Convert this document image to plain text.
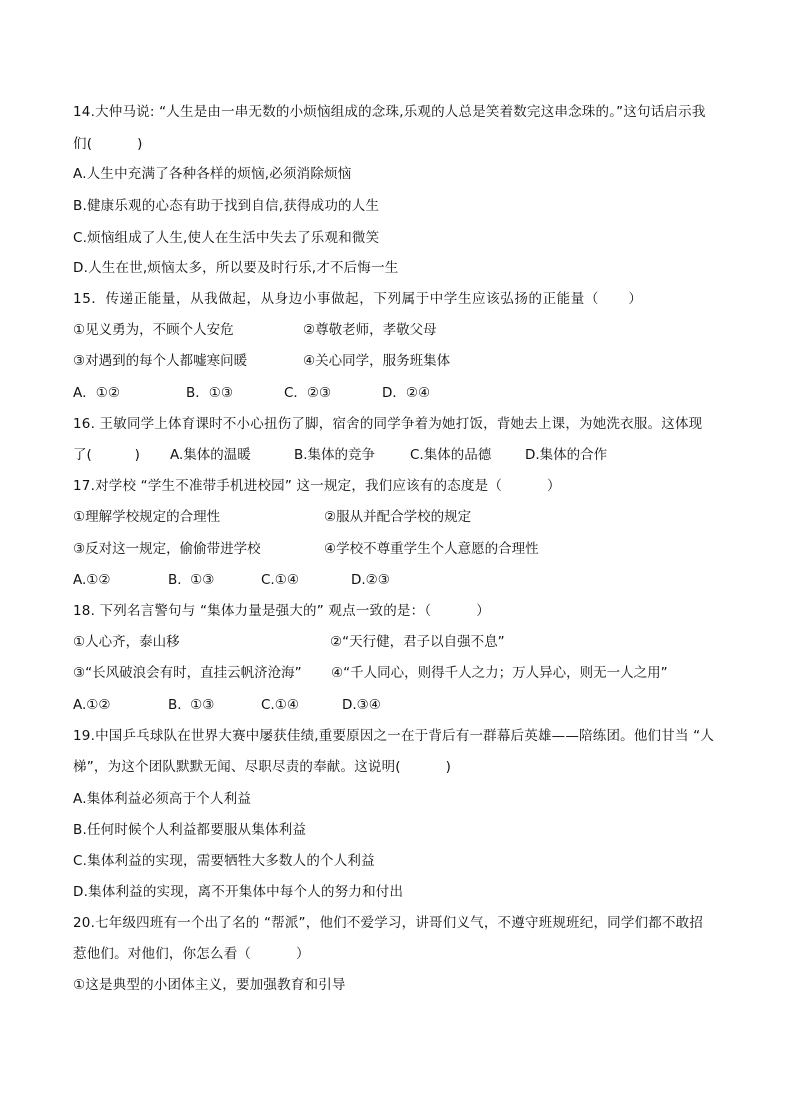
14.大仲马说: “人生是由一串无数的小烦恼组成的念珠,乐观的人总是笑着数完这串念珠的。”这句话启示我
们(          )
A.人生中充满了各种各样的烦恼,必须消除烦恼
B.健康乐观的心态有助于找到自信,获得成功的人生
C.烦恼组成了人生,使人在生活中失去了乐观和微笑
D.人生在世,烦恼太多，所以要及时行乐,才不后悔一生
15．传递正能量，从我做起，从身边小事做起，下列属于中学生应该弘扬的正能量（      ）
①见义勇为，不顾个人安危	②尊敬老师，孝敬父母
③对遇到的每个人都嘘寒问暖	④关心同学，服务班集体
A．①②	B．①③	C．②③	D．②④
16. 王敏同学上体育课时不小心扭伤了脚，宿舍的同学争着为她打饭，背她去上课，为她洗衣服。这体现
了(          ) A.集体的温暖	B.集体的竞争	C.集体的品德	D.集体的合作
17.对学校 “学生不准带手机进校园” 这一规定，我们应该有的态度是（          ）
①理解学校规定的合理性	②服从并配合学校的规定
③反对这一规定，偷偷带进学校	④学校不尊重学生个人意愿的合理性
A.①②	B.  ①③	C.①④	D.②③
18. 下列名言警句与 “集体力量是强大的” 观点一致的是：（          ）
①人心齐，泰山移	②“天行健，君子以自强不息”
③“长风破浪会有时，直挂云帆济沧海” ④“千人同心，则得千人之力；万人异心，则无一人之用”
A.①②	B.  ①③	C.①④	D.③④
19.中国乒乓球队在世界大赛中屡获佳绩,重要原因之一在于背后有一群幕后英雄——陪练团。他们甘当 “人
梯”，为这个团队默默无闻、尽职尽责的奉献。这说明(          )
A.集体利益必须高于个人利益
B.任何时候个人利益都要服从集体利益
C.集体利益的实现，需要牺牲大多数人的个人利益
D.集体利益的实现，离不开集体中每个人的努力和付出
20.七年级四班有一个出了名的 “帮派”，他们不爱学习，讲哥们义气，不遵守班规班纪，同学们都不敢招
惹他们。对他们，你怎么看（          ）
①这是典型的小团体主义，要加强教育和引导
